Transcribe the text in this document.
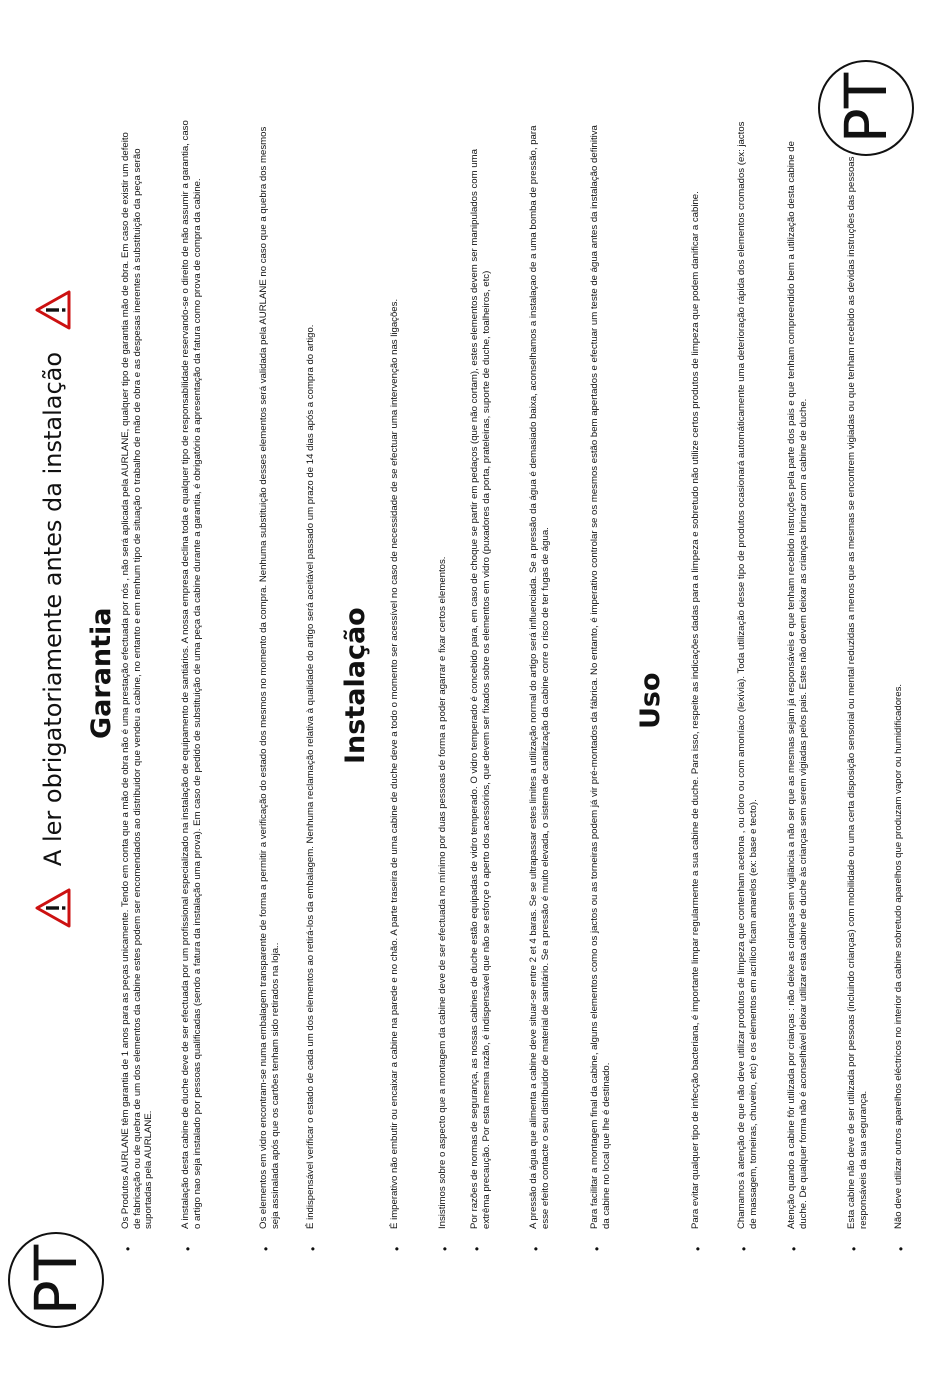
PT
PT
A ler obrigatoriamente antes da instalação Garantia
•

Os Produtos AURLANE têm garantia de 1 anos para as peças unicamente. Tendo em conta que a mão de obra não é uma prestação efectuada por nós , não será aplicada pela AURLANE, qualquer tipo de garantia mão de obra. Em caso de existir um defeito de fabricação ou de quebra de um dos elementos da cabine estes podem ser encomendados ao distribuidor que vendeu a cabine, no entanto e em nenhum tipo de situação o trabalho de mão de obra e as despesas inerentes à substituição da peça serão suportadas pela AURLANE.

•

A instalação desta cabine de duche deve de ser efectuada por um profissional especializado na instalação de equipamento de santiários. A nossa empresa declina toda e qualquer tipo de responsabilidade reservando-se o direito de não assumir a garantia, caso o artigo nao seja instalado por pessoas qualificadas (sendo a fatura da instalação uma prova). Em caso de pedido de substituição de uma peça da cabine durante a garantia, é obrigatório a apresentação da fatura como prova de compra da cabine.

•

Os elementos em vidro encontram-se numa embalagem transparente de forma a permitir a verificação do estado dos mesmos no momento da compra. Nenhuma substituição desses elementos será validada pela AURLANE no caso que a quebra dos mesmos seja assinalada após que os cartões tenham sido retirados na loja..

•

É indispensável verificar o estado de cada um dos elementos ao retirá-los da embalagem. Nenhuma reclamação relativa à qualidade do artigo será aceitável passado um prazo de 14 dias após a compra do artigo. Instalação
•

É imperativo não embutir ou encaixar a cabine na parede e no chão. A parte traseira de uma cabine de duche deve a todo o momento ser acessível no caso de necessidade de se efectuar uma intervenção nas ligações.

•

Insistimos sobre o aspecto que a montagem da cabine deve de ser efectuada no mínimo por duas pessoas de forma a poder agarrar e fixar certos elementos.

•

Por razões de normas de segurança, as nossas cabines de duche estão equipadas de vidro temperado. O vidro temperado é concebido para, em caso de choque se partir em pedaços (que não cortam), estes elementos devem ser manipulados com uma extrêma precaução. Por esta mesma razão, é indispensável que não se esforçe o aperto dos acessórios, que devem ser fixados sobre os elementos em vidro (puxadores da porta, prateleiras, suporte de duche, toalheiros, etc)

•

A pressão da água que alimenta a cabine deve situar-se entre 2 et 4 baras. Se se ultrapassar estes limites a utilização normal do artigo será influenciada. Se a pressão da água é demasiado baixa, aconselhamos a instalaçao de a uma bomba de pressão, para esse efeito contacte o seu distribuidor de material de sanitário. Se a pressão é muito elevada, o sistema de canalização da cabine corre o risco de ter fugas de água.

•

Para facilitar a montagem final da cabine, alguns elementos como os jactos ou as torneiras podem já vir pré-montados da fábrica. No entanto, é imperativo controlar se os mesmos estão bem apertados e efectuar um teste de água antes da instalação definitiva da cabine no local que lhe é destinado.

Uso
•

Para evitar qualquer tipo de infecção bacteriana, é importante limpar regularmente a sua cabine de duche. Para isso, respeite as indicações dadas para a limpeza e sobretudo não utilize certos produtos de limpeza que podem danificar a cabine.

•

Chamamos à atenção de que não deve utilizar produtos de limpeza que contenham acetona , ou cloro ou com amoníaco (lexívia). Toda utilização desse tipo de produtos ocasionará automáticamente uma deterioração rápida dos elementos cromados (ex: jactos de massagem, torneiras, chuveiro, etc) e os elementos em acrílico ficam amarelos (ex: base e tecto).

•

Atenção quando a cabine fôr utilizada por crianças : não deixe as crianças sem vigiläncia a não ser que as mesmas sejam já responsáveis e que tenham recebido instruções pela parte dos pais e que tenham compreendido bem a utilização desta cabine de duche. De qualquer forma não é aconselhável deixar utilizar esta cabine de duche às crianças sem serem vigiadas pelos pais. Estes não devem deixar as crianças brincar com a cabine de duche.

•

Esta cabine não deve de ser utilizada por pessoas (incluindo crianças) com mobilidade ou uma certa disposição sensorial ou mental reduzidas a menos que as mesmas se encontrem vigiadas ou que tenham recebido as devidas instruções das pessoas responsáveis da sua segurança.

•

Não deve utilizar outros aparelhos eléctricos no interior da cabine sobretudo aparelhos que produzam vapor ou humidificadores.
